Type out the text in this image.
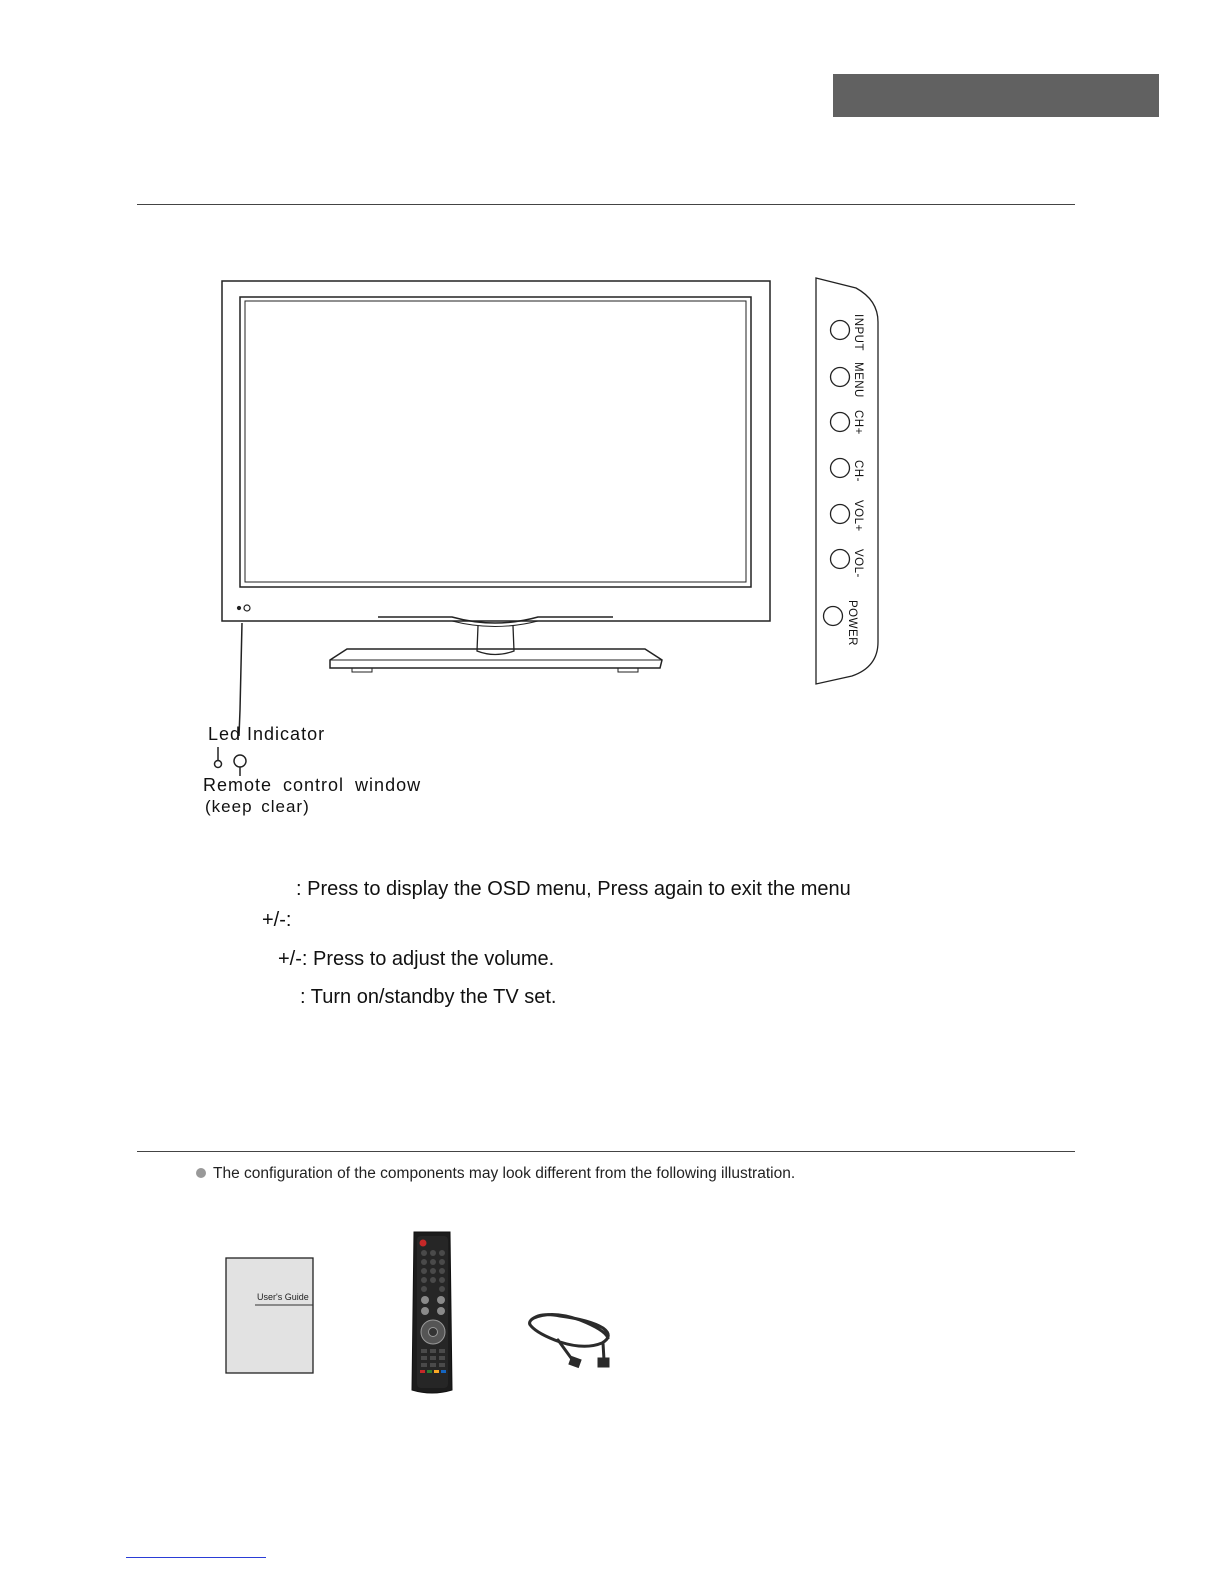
INPUT
MENU
CH+
CH-
VOL+
VOL-
POWER
User's Guide
Led Indicator
Remote control window
(keep clear)
: Press to display the OSD menu, Press again to exit the menu
+/-:
+/-: Press to adjust the volume.
: Turn on/standby the TV set.
The configuration of the components may look different from the following illustration.
